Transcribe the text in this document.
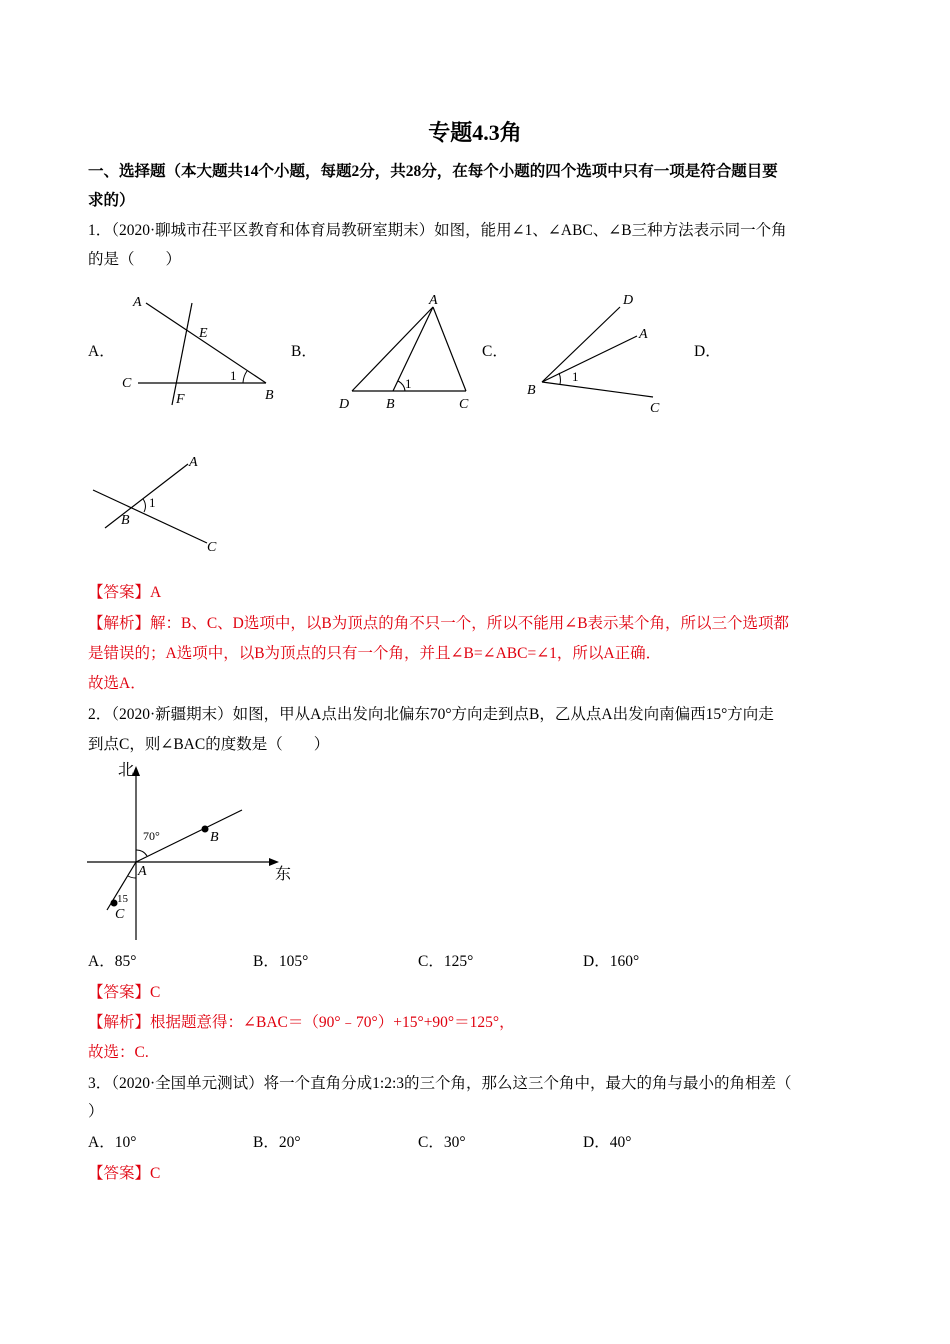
专题4.3角
一、选择题（本大题共14个小题，每题2分，共28分，在每个小题的四个选项中只有一项是符合题目要
求的）
1．（2020·聊城市茌平区教育和体育局教研室期末）如图，能用∠1、∠ABC、∠B三种方法表示同一个角
的是（　　）
A．	B．	C．	D．
A
E
C
F	B
1
A
D	B	C
1
D
A
B
C
1
A
B
C
1
【答案】A
【解析】解：B、C、D选项中，以B为顶点的角不只一个，所以不能用∠B表示某个角，所以三个选项都
是错误的；A选项中，以B为顶点的只有一个角，并且∠B=∠ABC=∠1，所以A正确．
故选A．
2．（2020·新疆期末）如图，甲从A点出发向北偏东70°方向走到点B，乙从点A出发向南偏西15°方向走
到点C，则∠BAC的度数是（　　）
北
东
70°
15
A
B
C
A．85°	B．105°	C．125°	D．160°
【答案】C
【解析】根据题意得：∠BAC＝（90°﹣70°）+15°+90°＝125°，
故选：C.
3．（2020·全国单元测试）将一个直角分成1:2:3的三个角，那么这三个角中，最大的角与最小的角相差（
）
A．10°	B．20°	C．30°	D．40°
【答案】C
